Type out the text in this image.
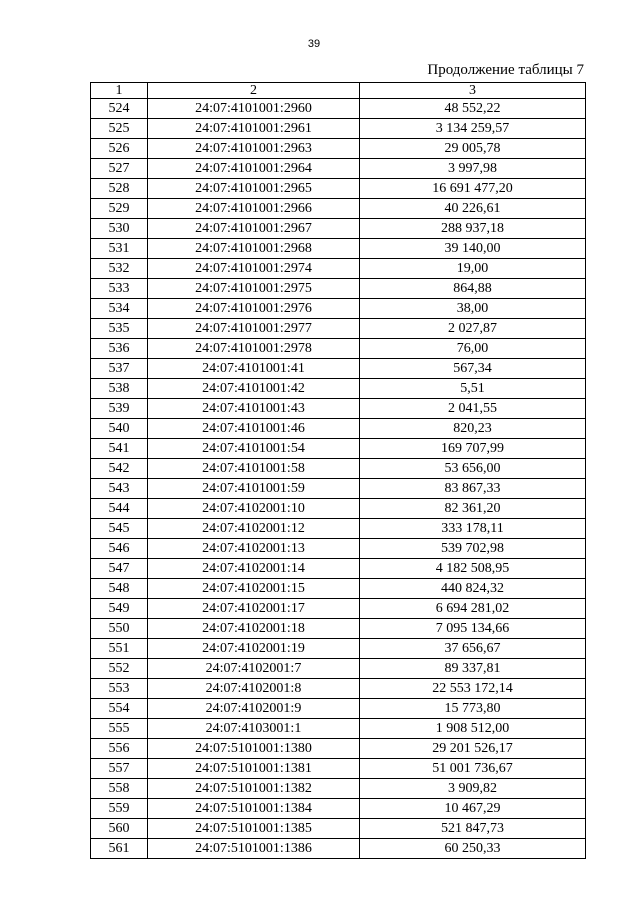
39
Продолжение таблицы 7
1	2	3
524	24:07:4101001:2960	48 552,22
525	24:07:4101001:2961	3 134 259,57
526	24:07:4101001:2963	29 005,78
527	24:07:4101001:2964	3 997,98
528	24:07:4101001:2965	16 691 477,20
529	24:07:4101001:2966	40 226,61
530	24:07:4101001:2967	288 937,18
531	24:07:4101001:2968	39 140,00
532	24:07:4101001:2974	19,00
533	24:07:4101001:2975	864,88
534	24:07:4101001:2976	38,00
535	24:07:4101001:2977	2 027,87
536	24:07:4101001:2978	76,00
537	24:07:4101001:41	567,34
538	24:07:4101001:42	5,51
539	24:07:4101001:43	2 041,55
540	24:07:4101001:46	820,23
541	24:07:4101001:54	169 707,99
542	24:07:4101001:58	53 656,00
543	24:07:4101001:59	83 867,33
544	24:07:4102001:10	82 361,20
545	24:07:4102001:12	333 178,11
546	24:07:4102001:13	539 702,98
547	24:07:4102001:14	4 182 508,95
548	24:07:4102001:15	440 824,32
549	24:07:4102001:17	6 694 281,02
550	24:07:4102001:18	7 095 134,66
551	24:07:4102001:19	37 656,67
552	24:07:4102001:7	89 337,81
553	24:07:4102001:8	22 553 172,14
554	24:07:4102001:9	15 773,80
555	24:07:4103001:1	1 908 512,00
556	24:07:5101001:1380	29 201 526,17
557	24:07:5101001:1381	51 001 736,67
558	24:07:5101001:1382	3 909,82
559	24:07:5101001:1384	10 467,29
560	24:07:5101001:1385	521 847,73
561	24:07:5101001:1386	60 250,33
